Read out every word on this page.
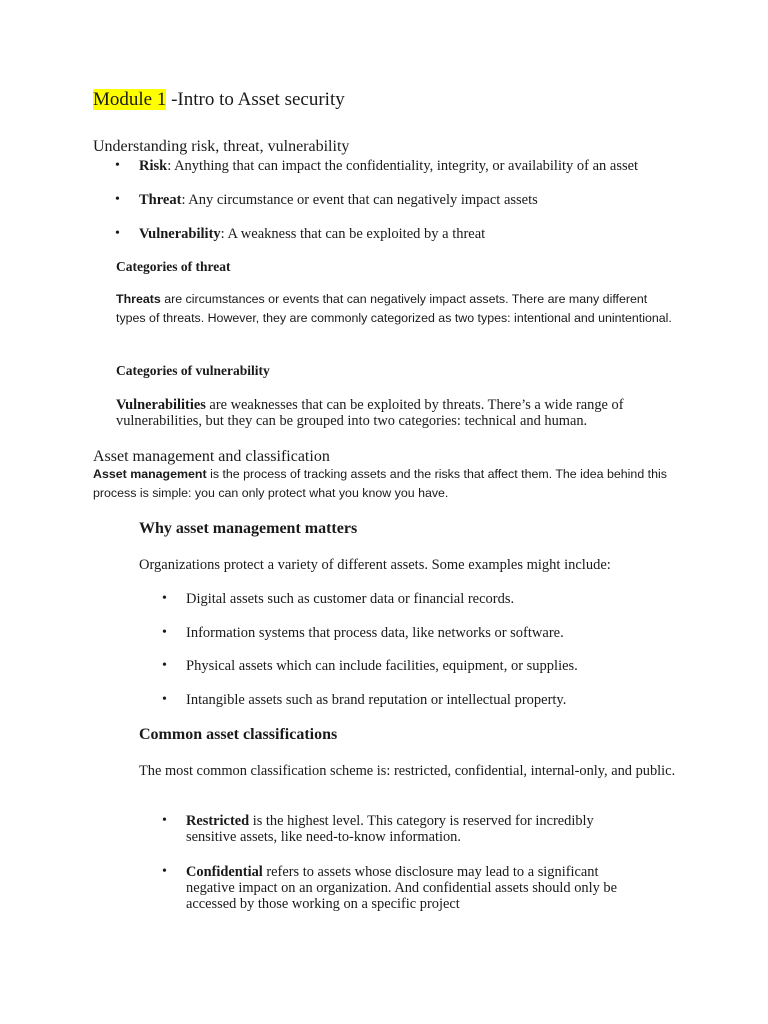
Module 1 -Intro to Asset security
Understanding risk, threat, vulnerability
• Risk: Anything that can impact the confidentiality, integrity, or availability of an asset
• Threat: Any circumstance or event that can negatively impact assets
• Vulnerability: A weakness that can be exploited by a threat
Categories of threat
Threats are circumstances or events that can negatively impact assets. There are many different types of threats. However, they are commonly categorized as two types: intentional and unintentional.
Categories of vulnerability
Vulnerabilities are weaknesses that can be exploited by threats. There’s a wide range of vulnerabilities, but they can be grouped into two categories: technical and human.
Asset management and classification
Asset management is the process of tracking assets and the risks that affect them. The idea behind this process is simple: you can only protect what you know you have.
Why asset management matters
Organizations protect a variety of different assets. Some examples might include:
• Digital assets such as customer data or financial records.
• Information systems that process data, like networks or software.
• Physical assets which can include facilities, equipment, or supplies.
• Intangible assets such as brand reputation or intellectual property.
Common asset classifications
The most common classification scheme is: restricted, confidential, internal-only, and public.
• Restricted is the highest level. This category is reserved for incredibly sensitive assets, like need-to-know information.
• Confidential refers to assets whose disclosure may lead to a significant negative impact on an organization. And confidential assets should only be accessed by those working on a specific project
